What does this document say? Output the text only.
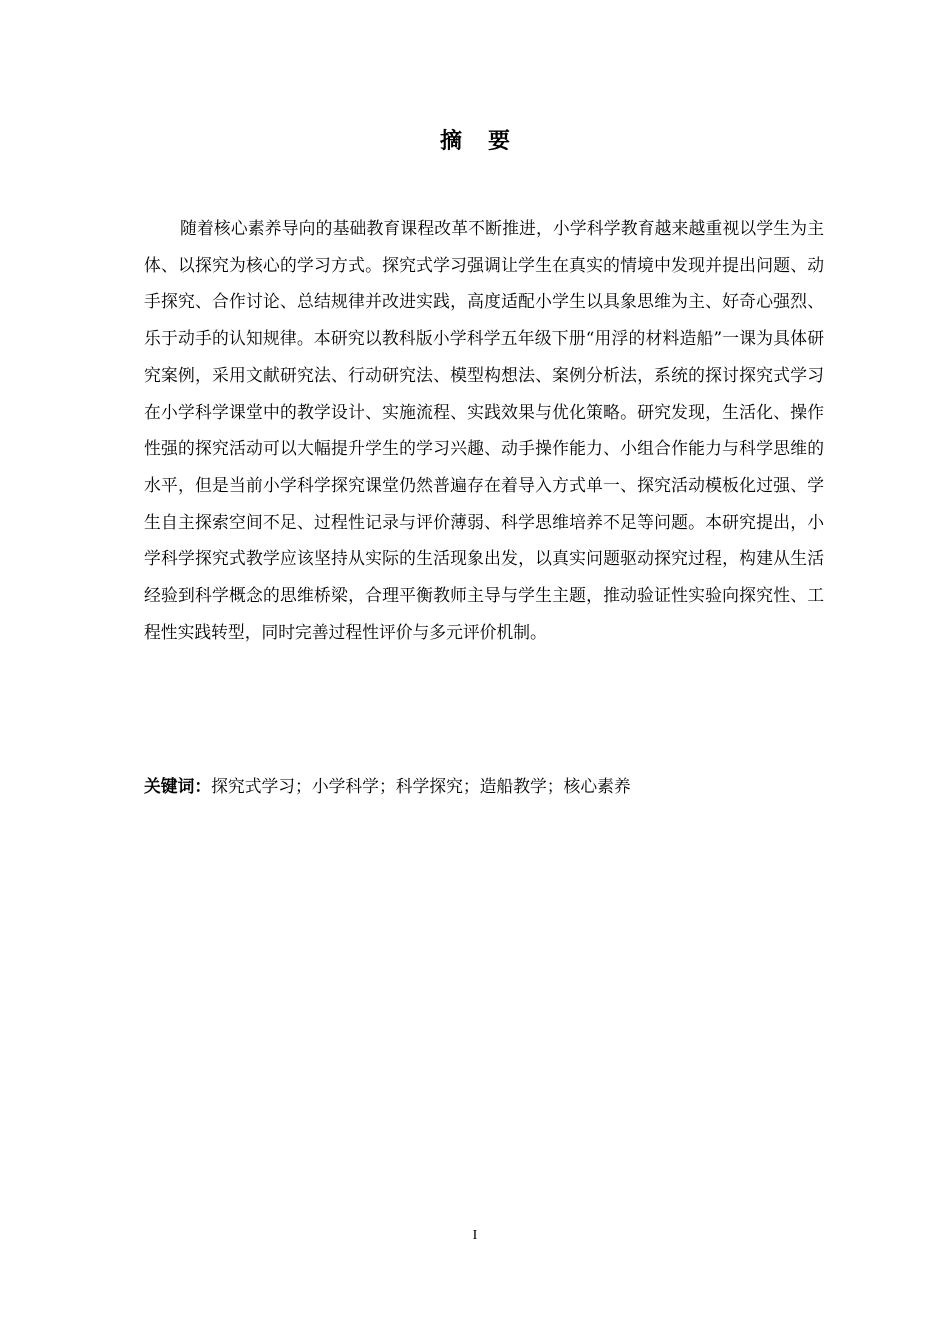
摘要

随着核心素养导向的基础教育课程改革不断推进，小学科学教育越来越重视以学生为主体、以探究为核心的学习方式。探究式学习强调让学生在真实的情境中发现并提出问题、动手探究、合作讨论、总结规律并改进实践，高度适配小学生以具象思维为主、好奇心强烈、乐于动手的认知规律。本研究以教科版小学科学五年级下册“用浮的材料造船”一课为具体研究案例，采用文献研究法、行动研究法、模型构想法、案例分析法，系统的探讨探究式学习在小学科学课堂中的教学设计、实施流程、实践效果与优化策略。研究发现，生活化、操作性强的探究活动可以大幅提升学生的学习兴趣、动手操作能力、小组合作能力与科学思维的水平，但是当前小学科学探究课堂仍然普遍存在着导入方式单一、探究活动模板化过强、学生自主探索空间不足、过程性记录与评价薄弱、科学思维培养不足等问题。本研究提出，小学科学探究式教学应该坚持从实际的生活现象出发，以真实问题驱动探究过程，构建从生活经验到科学概念的思维桥梁，合理平衡教师主导与学生主题，推动验证性实验向探究性、工程性实践转型，同时完善过程性评价与多元评价机制。

关键词：探究式学习；小学科学；科学探究；造船教学；核心素养
I
